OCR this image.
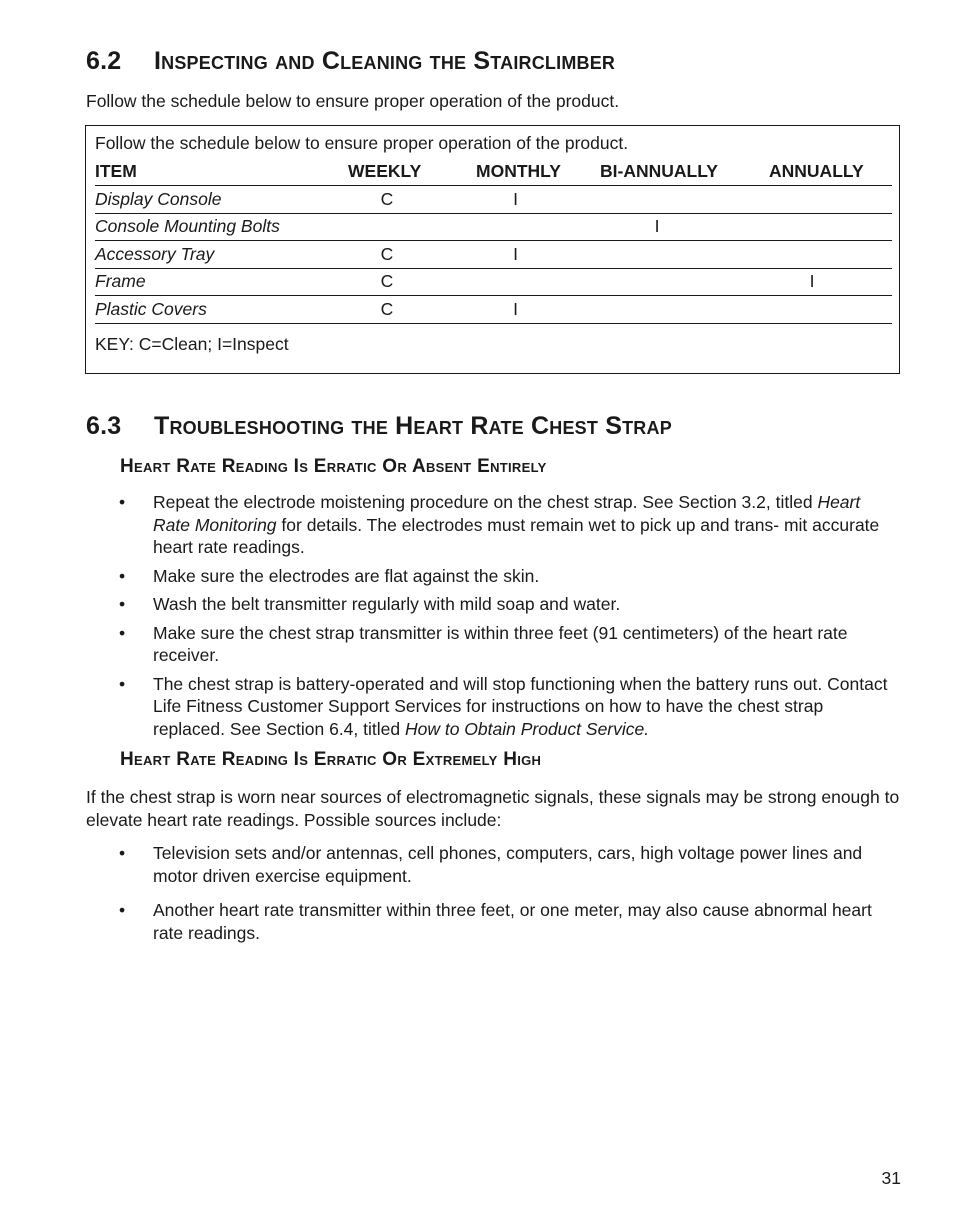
6.2 Inspecting and Cleaning the Stairclimber

Follow the schedule below to ensure proper operation of the product.

Follow the schedule below to ensure proper operation of the product.
ITEM	WEEKLY	MONTHLY	BI-ANNUALLY	ANNUALLY
Display Console	C	I		
Console Mounting Bolts			I	
Accessory Tray	C	I		
Frame	C			I
Plastic Covers	C	I		
KEY: C=Clean; I=Inspect
6.3 Troubleshooting the Heart Rate Chest Strap
Heart Rate Reading Is Erratic Or Absent Entirely
• Repeat the electrode moistening procedure on the chest strap. See Section 3.2, titled Heart Rate Monitoring for details. The electrodes must remain wet to pick up and trans- mit accurate heart rate readings.
• Make sure the electrodes are flat against the skin.
• Wash the belt transmitter regularly with mild soap and water.
• Make sure the chest strap transmitter is within three feet (91 centimeters) of the heart rate receiver.
• The chest strap is battery-operated and will stop functioning when the battery runs out. Contact Life Fitness Customer Support Services for instructions on how to have the chest strap replaced. See Section 6.4, titled How to Obtain Product Service.
Heart Rate Reading Is Erratic Or Extremely High

If the chest strap is worn near sources of electromagnetic signals, these signals may be strong enough to elevate heart rate readings. Possible sources include:

• Television sets and/or antennas, cell phones, computers, cars, high voltage power lines and motor driven exercise equipment.
• Another heart rate transmitter within three feet, or one meter, may also cause abnormal heart rate readings.
31
